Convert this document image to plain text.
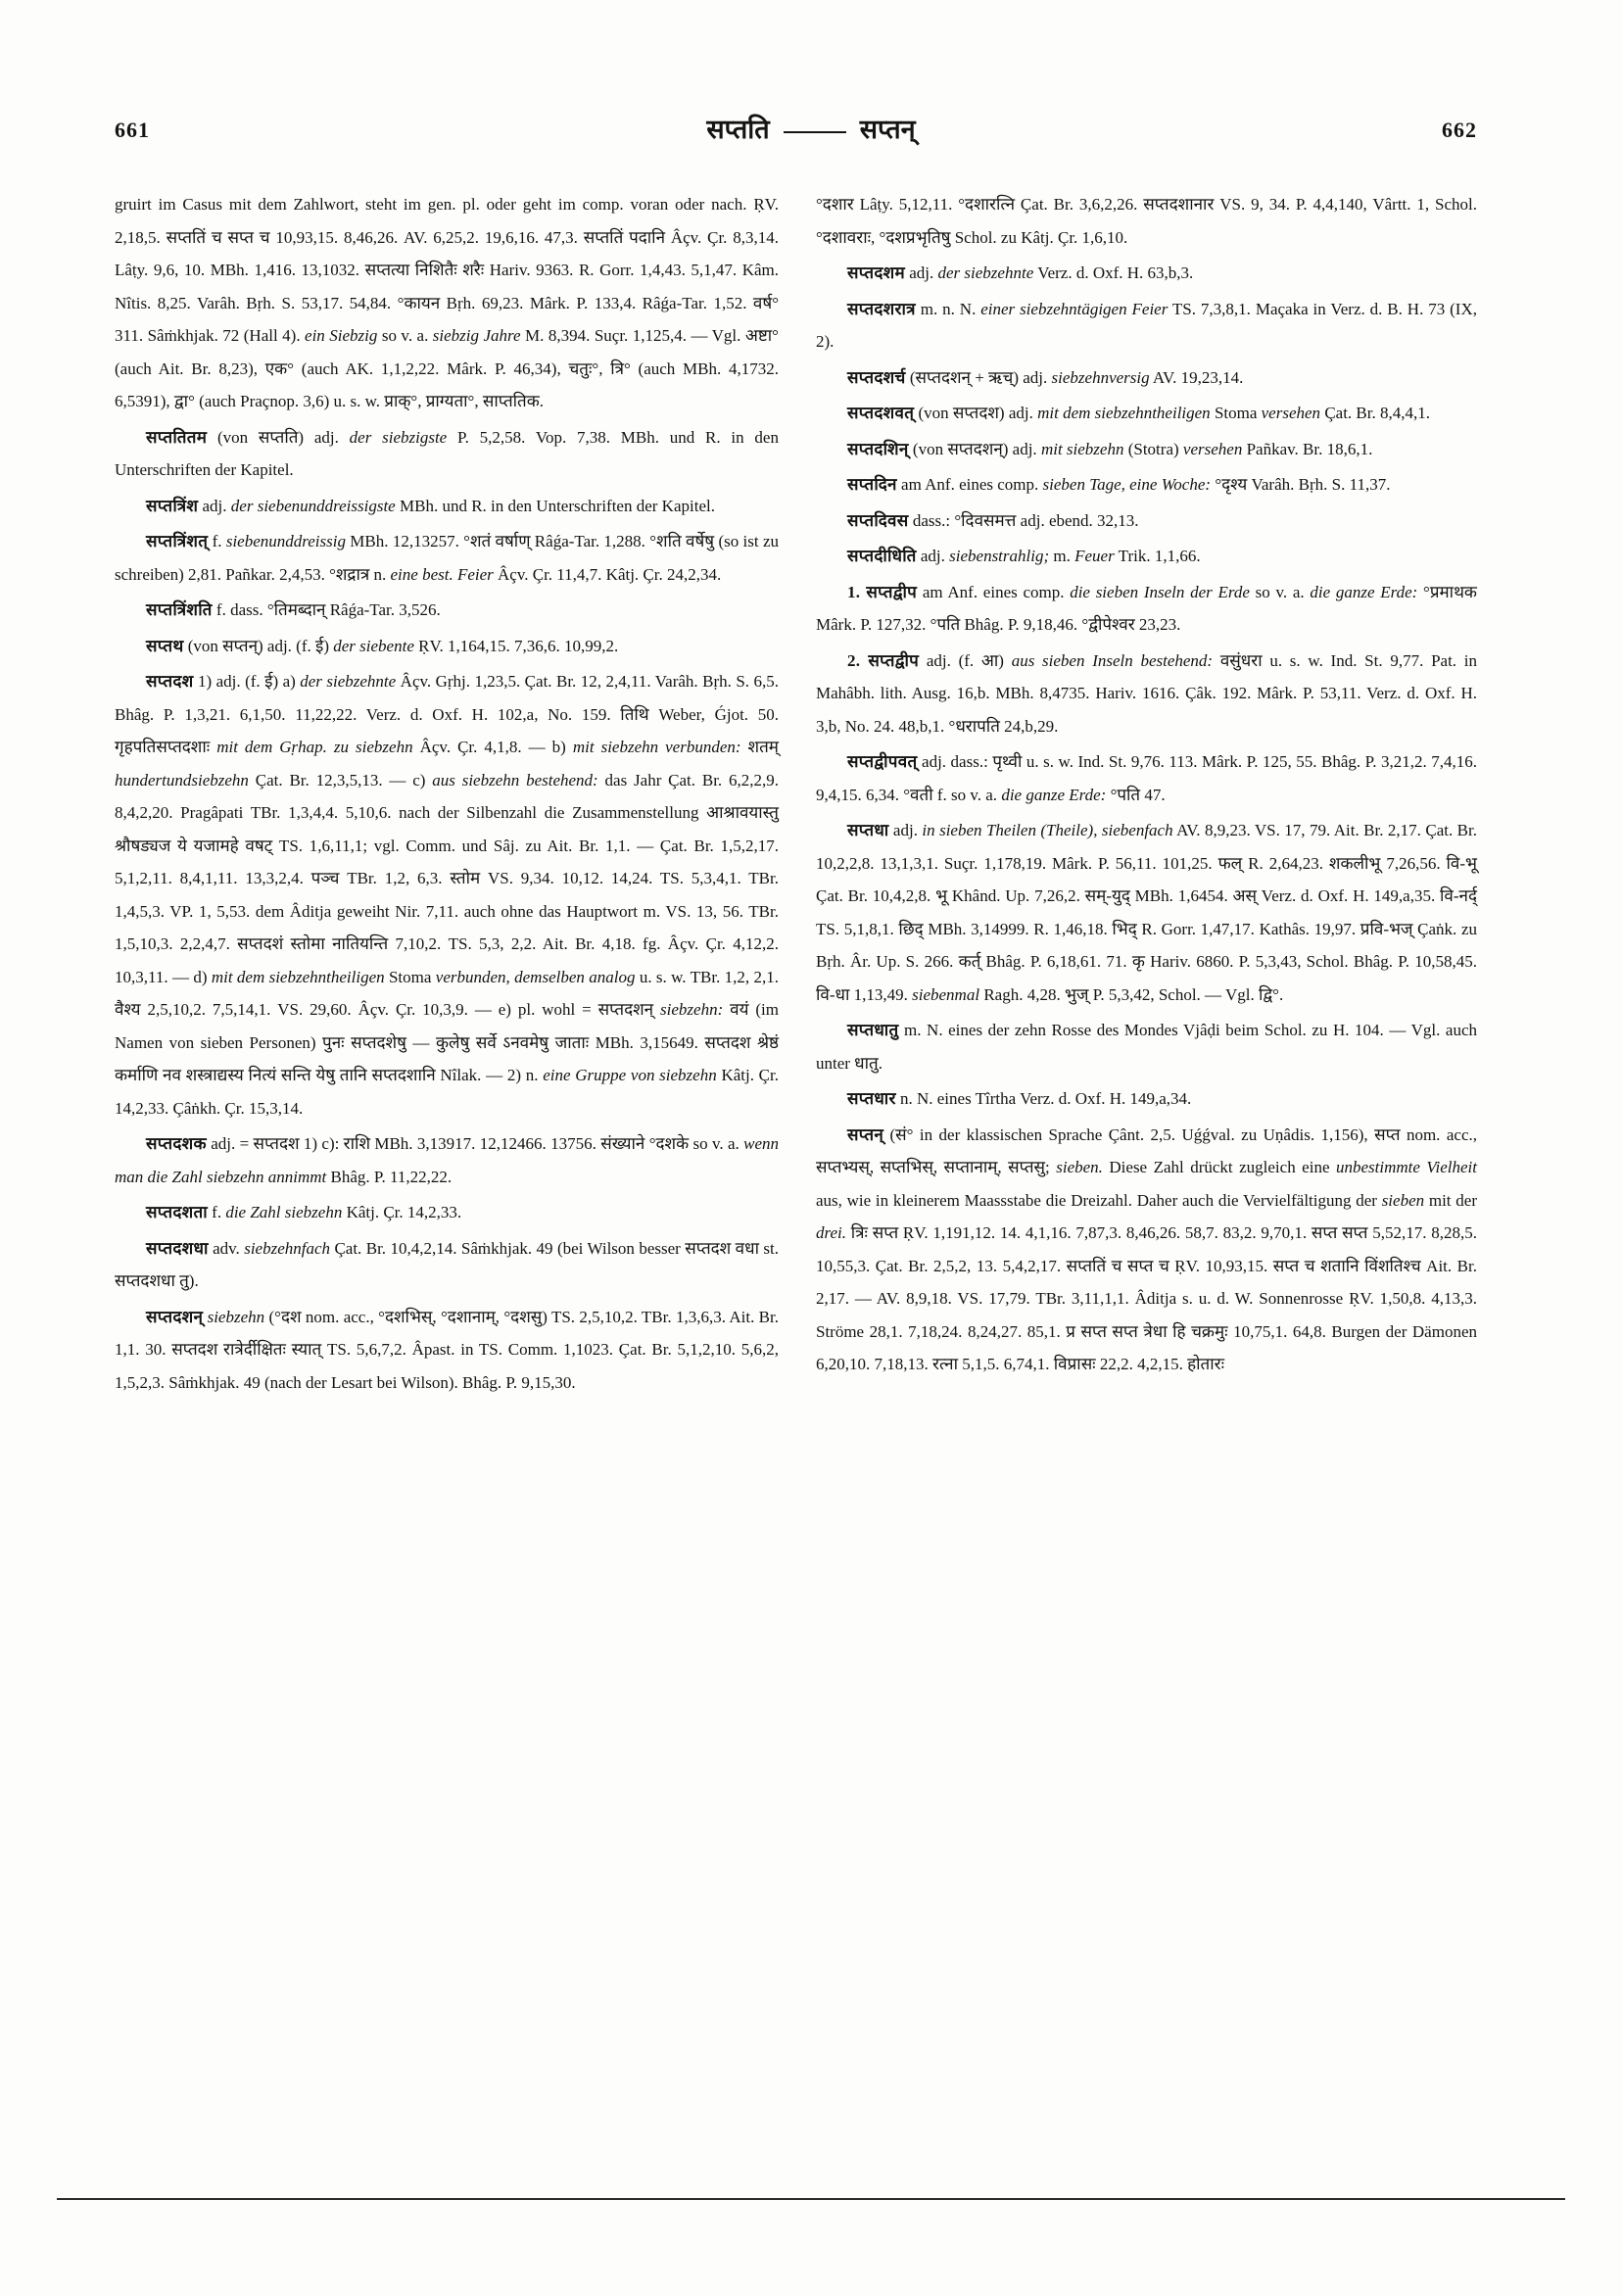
661	सप्तति	सप्तन्	662

gruirt im Casus mit dem Zahlwort, steht im gen. pl. oder geht im comp. voran oder nach. ṚV. 2,18,5. सप्ततिं च सप्त च 10,93,15. 8,46,26. AV. 6,25,2. 19,6,16. 47,3. सप्ततिं पदानि Âçv. Çr. 8,3,14. Lâṭy. 9,6, 10. MBh. 1,416. 13,1032. सप्तत्या निशितैः शरैः Hariv. 9363. R. Gorr. 1,4,43. 5,1,47. Kâm. Nîtis. 8,25. Varâh. Bṛh. S. 53,17. 54,84. °कायन Bṛh. 69,23. Mârk. P. 133,4. Râǵa-Tar. 1,52. वर्ष° 311. Sâṁkhjak. 72 (Hall 4). ein Siebzig so v. a. siebzig Jahre M. 8,394. Suçr. 1,125,4. — Vgl. अष्टा° (auch Ait. Br. 8,23), एक° (auch AK. 1,1,2,22. Mârk. P. 46,34), चतुः°, त्रि° (auch MBh. 4,1732. 6,5391), द्वा° (auch Praçnop. 3,6) u. s. w. प्राक्°, प्राग्यता°, साप्ततिक.

सप्ततितम (von सप्तति) adj. der siebzigste P. 5,2,58. Vop. 7,38. MBh. und R. in den Unterschriften der Kapitel.

सप्तत्रिंश adj. der siebenunddreissigste MBh. und R. in den Unterschriften der Kapitel.

सप्तत्रिंशत् f. siebenunddreissig MBh. 12,13257. °शतं वर्षाण् Râǵa-Tar. 1,288. °शति वर्षेषु (so ist zu schreiben) 2,81. Pañkar. 2,4,53. °शद्रात्र n. eine best. Feier Âçv. Çr. 11,4,7. Kâtj. Çr. 24,2,34.

सप्तत्रिंशति f. dass. °तिमब्दान् Râǵa-Tar. 3,526.

सप्तथ (von सप्तन्) adj. (f. ई) der siebente ṚV. 1,164,15. 7,36,6. 10,99,2.

सप्तदश 1) adj. (f. ई) a) der siebzehnte Âçv. Gṛhj. 1,23,5. Çat. Br. 12, 2,4,11. Varâh. Bṛh. S. 6,5. Bhâg. P. 1,3,21. 6,1,50. 11,22,22. Verz. d. Oxf. H. 102,a, No. 159. तिथि Weber, Ǵjot. 50. गृहपतिसप्तदशाः mit dem Gṛhap. zu siebzehn Âçv. Çr. 4,1,8. — b) mit siebzehn verbunden: शतम् hundertundsiebzehn Çat. Br. 12,3,5,13. — c) aus siebzehn bestehend: das Jahr Çat. Br. 6,2,2,9. 8,4,2,20. Pragâpati TBr. 1,3,4,4. 5,10,6. nach der Silbenzahl die Zusammenstellung आश्रावयास्तु श्रौषड्यज ये यजामहे वषट् TS. 1,6,11,1; vgl. Comm. und Sâj. zu Ait. Br. 1,1. — Çat. Br. 1,5,2,17. 5,1,2,11. 8,4,1,11. 13,3,2,4. पञ्च TBr. 1,2, 6,3. स्तोम VS. 9,34. 10,12. 14,24. TS. 5,3,4,1. TBr. 1,4,5,3. VP. 1, 5,53. dem Âditja geweiht Nir. 7,11. auch ohne das Hauptwort m. VS. 13, 56. TBr. 1,5,10,3. 2,2,4,7. सप्तदशं स्तोमा नातियन्ति 7,10,2. TS. 5,3, 2,2. Ait. Br. 4,18. fg. Âçv. Çr. 4,12,2. 10,3,11. — d) mit dem siebzehntheiligen Stoma verbunden, demselben analog u. s. w. TBr. 1,2, 2,1. वैश्य 2,5,10,2. 7,5,14,1. VS. 29,60. Âçv. Çr. 10,3,9. — e) pl. wohl = सप्तदशन् siebzehn: वयं (im Namen von sieben Personen) पुनः सप्तदशेषु — कुलेषु सर्वे ऽनवमेषु जाताः MBh. 3,15649. सप्तदश श्रेष्ठं कर्माणि नव शस्त्राद्यस्य नित्यं सन्ति येषु तानि सप्तदशानि Nîlak. — 2) n. eine Gruppe von siebzehn Kâtj. Çr. 14,2,33. Çâṅkh. Çr. 15,3,14.

सप्तदशक adj. = सप्तदश 1) c): राशि MBh. 3,13917. 12,12466. 13756. संख्याने °दशके so v. a. wenn man die Zahl siebzehn annimmt Bhâg. P. 11,22,22.

सप्तदशता f. die Zahl siebzehn Kâtj. Çr. 14,2,33.

सप्तदशधा adv. siebzehnfach Çat. Br. 10,4,2,14. Sâṁkhjak. 49 (bei Wilson besser सप्तदश वधा st. सप्तदशधा तु).

सप्तदशन् siebzehn (°दश nom. acc., °दशभिस्, °दशानाम्, °दशसु) TS. 2,5,10,2. TBr. 1,3,6,3. Ait. Br. 1,1. 30. सप्तदश रात्रेर्दीक्षितः स्यात् TS. 5,6,7,2. Âpast. in TS. Comm. 1,1023. Çat. Br. 5,1,2,10. 5,6,2, 1,5,2,3. Sâṁkhjak. 49 (nach der Lesart bei Wilson). Bhâg. P. 9,15,30.

°दशार Lâṭy. 5,12,11. °दशारत्नि Çat. Br. 3,6,2,26. सप्तदशानार VS. 9, 34. P. 4,4,140, Vârtt. 1, Schol. °दशावराः, °दशप्रभृतिषु Schol. zu Kâtj. Çr. 1,6,10.

सप्तदशम adj. der siebzehnte Verz. d. Oxf. H. 63,b,3.

सप्तदशरात्र m. n. N. einer siebzehntägigen Feier TS. 7,3,8,1. Maçaka in Verz. d. B. H. 73 (IX, 2).

सप्तदशर्च (सप्तदशन् + ऋच्) adj. siebzehnversig AV. 19,23,14.

सप्तदशवत् (von सप्तदश) adj. mit dem siebzehntheiligen Stoma versehen Çat. Br. 8,4,4,1.

सप्तदशिन् (von सप्तदशन्) adj. mit siebzehn (Stotra) versehen Pañkav. Br. 18,6,1.

सप्तदिन am Anf. eines comp. sieben Tage, eine Woche: °दृश्य Varâh. Bṛh. S. 11,37.

सप्तदिवस dass.: °दिवसमत्त adj. ebend. 32,13.

सप्तदीधिति adj. siebenstrahlig; m. Feuer Trik. 1,1,66.

1. सप्तद्वीप am Anf. eines comp. die sieben Inseln der Erde so v. a. die ganze Erde: °प्रमाथक Mârk. P. 127,32. °पति Bhâg. P. 9,18,46. °द्वीपेश्वर 23,23.

2. सप्तद्वीप adj. (f. आ) aus sieben Inseln bestehend: वसुंधरा u. s. w. Ind. St. 9,77. Pat. in Mahâbh. lith. Ausg. 16,b. MBh. 8,4735. Hariv. 1616. Çâk. 192. Mârk. P. 53,11. Verz. d. Oxf. H. 3,b, No. 24. 48,b,1. °धरापति 24,b,29.

सप्तद्वीपवत् adj. dass.: पृथ्वी u. s. w. Ind. St. 9,76. 113. Mârk. P. 125, 55. Bhâg. P. 3,21,2. 7,4,16. 9,4,15. 6,34. °वती f. so v. a. die ganze Erde: °पति 47.

सप्तधा adj. in sieben Theilen (Theile), siebenfach AV. 8,9,23. VS. 17, 79. Ait. Br. 2,17. Çat. Br. 10,2,2,8. 13,1,3,1. Suçr. 1,178,19. Mârk. P. 56,11. 101,25. फल् R. 2,64,23. शकलीभू 7,26,56. वि-भू Çat. Br. 10,4,2,8. भू Khând. Up. 7,26,2. सम्-युद् MBh. 1,6454. अस् Verz. d. Oxf. H. 149,a,35. वि-नर्द् TS. 5,1,8,1. छिद् MBh. 3,14999. R. 1,46,18. भिद् R. Gorr. 1,47,17. Kathâs. 19,97. प्रवि-भज् Çaṅk. zu Bṛh. Âr. Up. S. 266. कर्त् Bhâg. P. 6,18,61. 71. कृ Hariv. 6860. P. 5,3,43, Schol. Bhâg. P. 10,58,45. वि-धा 1,13,49. siebenmal Ragh. 4,28. भुज् P. 5,3,42, Schol. — Vgl. द्वि°.

सप्तधातु m. N. eines der zehn Rosse des Mondes Vjâḍi beim Schol. zu H. 104. — Vgl. auch unter धातु.

सप्तधार n. N. eines Tîrtha Verz. d. Oxf. H. 149,a,34.

सप्तन् (सं° in der klassischen Sprache Çânt. 2,5. Uǵǵval. zu Uṇâdis. 1,156), सप्त nom. acc., सप्तभ्यस्, सप्तभिस्, सप्तानाम्, सप्तसु; sieben. Diese Zahl drückt zugleich eine unbestimmte Vielheit aus, wie in kleinerem Maassstabe die Dreizahl. Daher auch die Vervielfältigung der sieben mit der drei. त्रिः सप्त ṚV. 1,191,12. 14. 4,1,16. 7,87,3. 8,46,26. 58,7. 83,2. 9,70,1. सप्त सप्त 5,52,17. 8,28,5. 10,55,3. Çat. Br. 2,5,2, 13. 5,4,2,17. सप्ततिं च सप्त च ṚV. 10,93,15. सप्त च शतानि विंशतिश्च Ait. Br. 2,17. — AV. 8,9,18. VS. 17,79. TBr. 3,11,1,1. Âditja s. u. d. W. Sonnenrosse ṚV. 1,50,8. 4,13,3. Ströme 28,1. 7,18,24. 8,24,27. 85,1. प्र सप्त सप्त त्रेधा हि चक्रमुः 10,75,1. 64,8. Burgen der Dämonen 6,20,10. 7,18,13. रत्ना 5,1,5. 6,74,1. विप्रासः 22,2. 4,2,15. होतारः
